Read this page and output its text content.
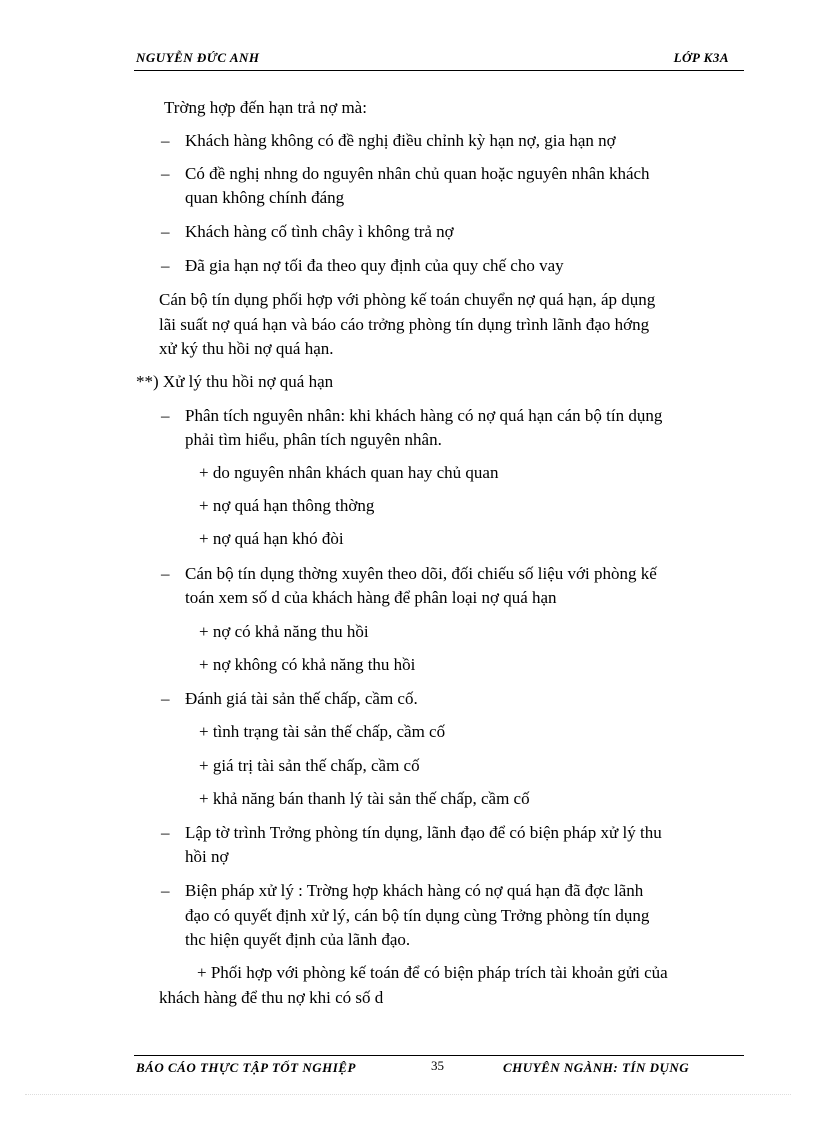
NGUYỄN ĐỨC ANH	LỚP K3A
Trờng hợp đến hạn trả nợ mà:
– Khách hàng không có đề nghị điều chỉnh kỳ hạn nợ, gia hạn nợ
– Có đề nghị nhng do nguyên nhân chủ quan hoặc nguyên nhân khách
quan không chính đáng
– Khách hàng cố tình chây ì không trả nợ
– Đã gia hạn nợ tối đa theo quy định của quy chế cho vay
Cán bộ tín dụng phối hợp với phòng kế toán chuyển nợ quá hạn, áp dụng
lãi suất nợ quá hạn và báo cáo trởng phòng tín dụng trình lãnh đạo hớng
xử ký thu hồi nợ quá hạn.
**) Xử lý thu hồi nợ quá hạn
– Phân tích nguyên nhân: khi khách hàng có nợ quá hạn cán bộ tín dụng
phải tìm hiểu, phân tích nguyên nhân.
+ do nguyên nhân khách quan hay chủ quan
+ nợ quá hạn thông thờng
+ nợ quá hạn khó đòi
– Cán bộ tín dụng thờng xuyên theo dõi, đối chiếu số liệu với phòng kế
toán xem số d của khách hàng để phân loại nợ quá hạn
+ nợ có khả năng thu hồi
+ nợ không có khả năng thu hồi
– Đánh giá tài sản thế chấp, cầm cố.
+ tình trạng tài sản thế chấp, cầm cố
+ giá trị tài sản thế chấp, cầm cố
+ khả năng bán thanh lý tài sản thế chấp, cầm cố
– Lập tờ trình Trởng phòng tín dụng, lãnh đạo để có biện pháp xử lý thu
hồi nợ
– Biện pháp xử lý : Trờng hợp khách hàng có nợ quá hạn đã đợc lãnh
đạo có quyết định xử lý, cán bộ tín dụng cùng Trởng phòng tín dụng
thc hiện quyết định của lãnh đạo.
+ Phối hợp với phòng kế toán để có biện pháp trích tài khoản gửi của
khách hàng để thu nợ khi có số d
BÁO CÁO THỰC TẬP TỐT NGHIỆP	35	CHUYÊN NGÀNH: TÍN DỤNG
